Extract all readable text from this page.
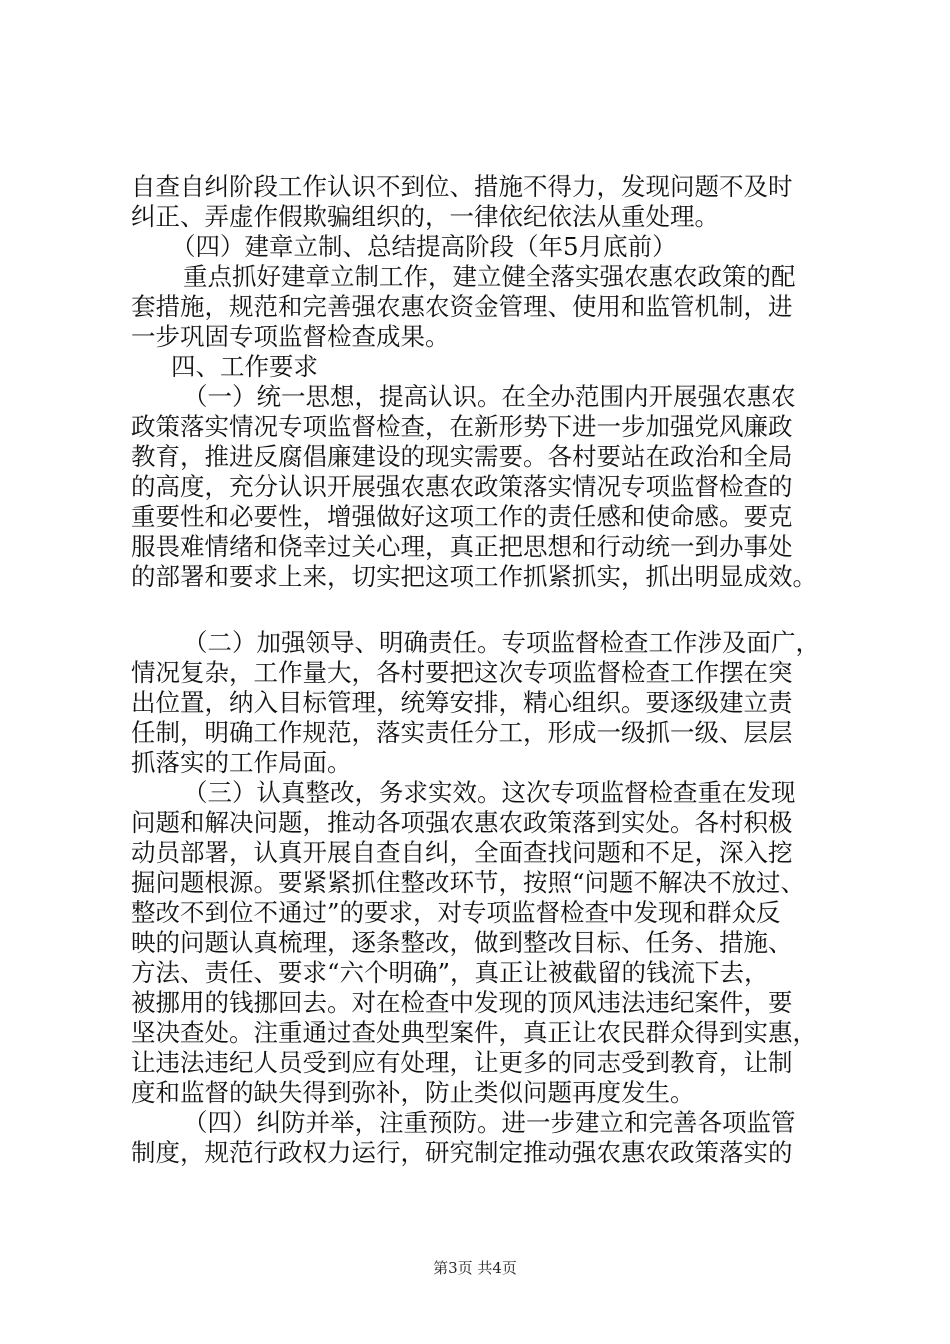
自查自纠阶段工作认识不到位、措施不得力，发现问题不及时
纠正、弄虚作假欺骗组织的，一律依纪依法从重处理。
（四）建章立制、总结提高阶段（年5月底前）
重点抓好建章立制工作，建立健全落实强农惠农政策的配
套措施，规范和完善强农惠农资金管理、使用和监管机制，进
一步巩固专项监督检查成果。
四、工作要求
（一）统一思想，提高认识。在全办范围内开展强农惠农
政策落实情况专项监督检查，在新形势下进一步加强党风廉政
教育，推进反腐倡廉建设的现实需要。各村要站在政治和全局
的高度，充分认识开展强农惠农政策落实情况专项监督检查的
重要性和必要性，增强做好这项工作的责任感和使命感。要克
服畏难情绪和侥幸过关心理，真正把思想和行动统一到办事处
的部署和要求上来，切实把这项工作抓紧抓实，抓出明显成效。
（二）加强领导、明确责任。专项监督检查工作涉及面广，
情况复杂，工作量大，各村要把这次专项监督检查工作摆在突
出位置，纳入目标管理，统筹安排，精心组织。要逐级建立责
任制，明确工作规范，落实责任分工，形成一级抓一级、层层
抓落实的工作局面。
（三）认真整改，务求实效。这次专项监督检查重在发现
问题和解决问题，推动各项强农惠农政策落到实处。各村积极
动员部署，认真开展自查自纠，全面查找问题和不足，深入挖
掘问题根源。要紧紧抓住整改环节，按照“问题不解决不放过、
整改不到位不通过”的要求，对专项监督检查中发现和群众反
映的问题认真梳理，逐条整改，做到整改目标、任务、措施、
方法、责任、要求“六个明确”，真正让被截留的钱流下去，
被挪用的钱挪回去。对在检查中发现的顶风违法违纪案件，要
坚决查处。注重通过查处典型案件，真正让农民群众得到实惠，
让违法违纪人员受到应有处理，让更多的同志受到教育，让制
度和监督的缺失得到弥补，防止类似问题再度发生。
（四）纠防并举，注重预防。进一步建立和完善各项监管
制度，规范行政权力运行，研究制定推动强农惠农政策落实的
第3页 共4页
